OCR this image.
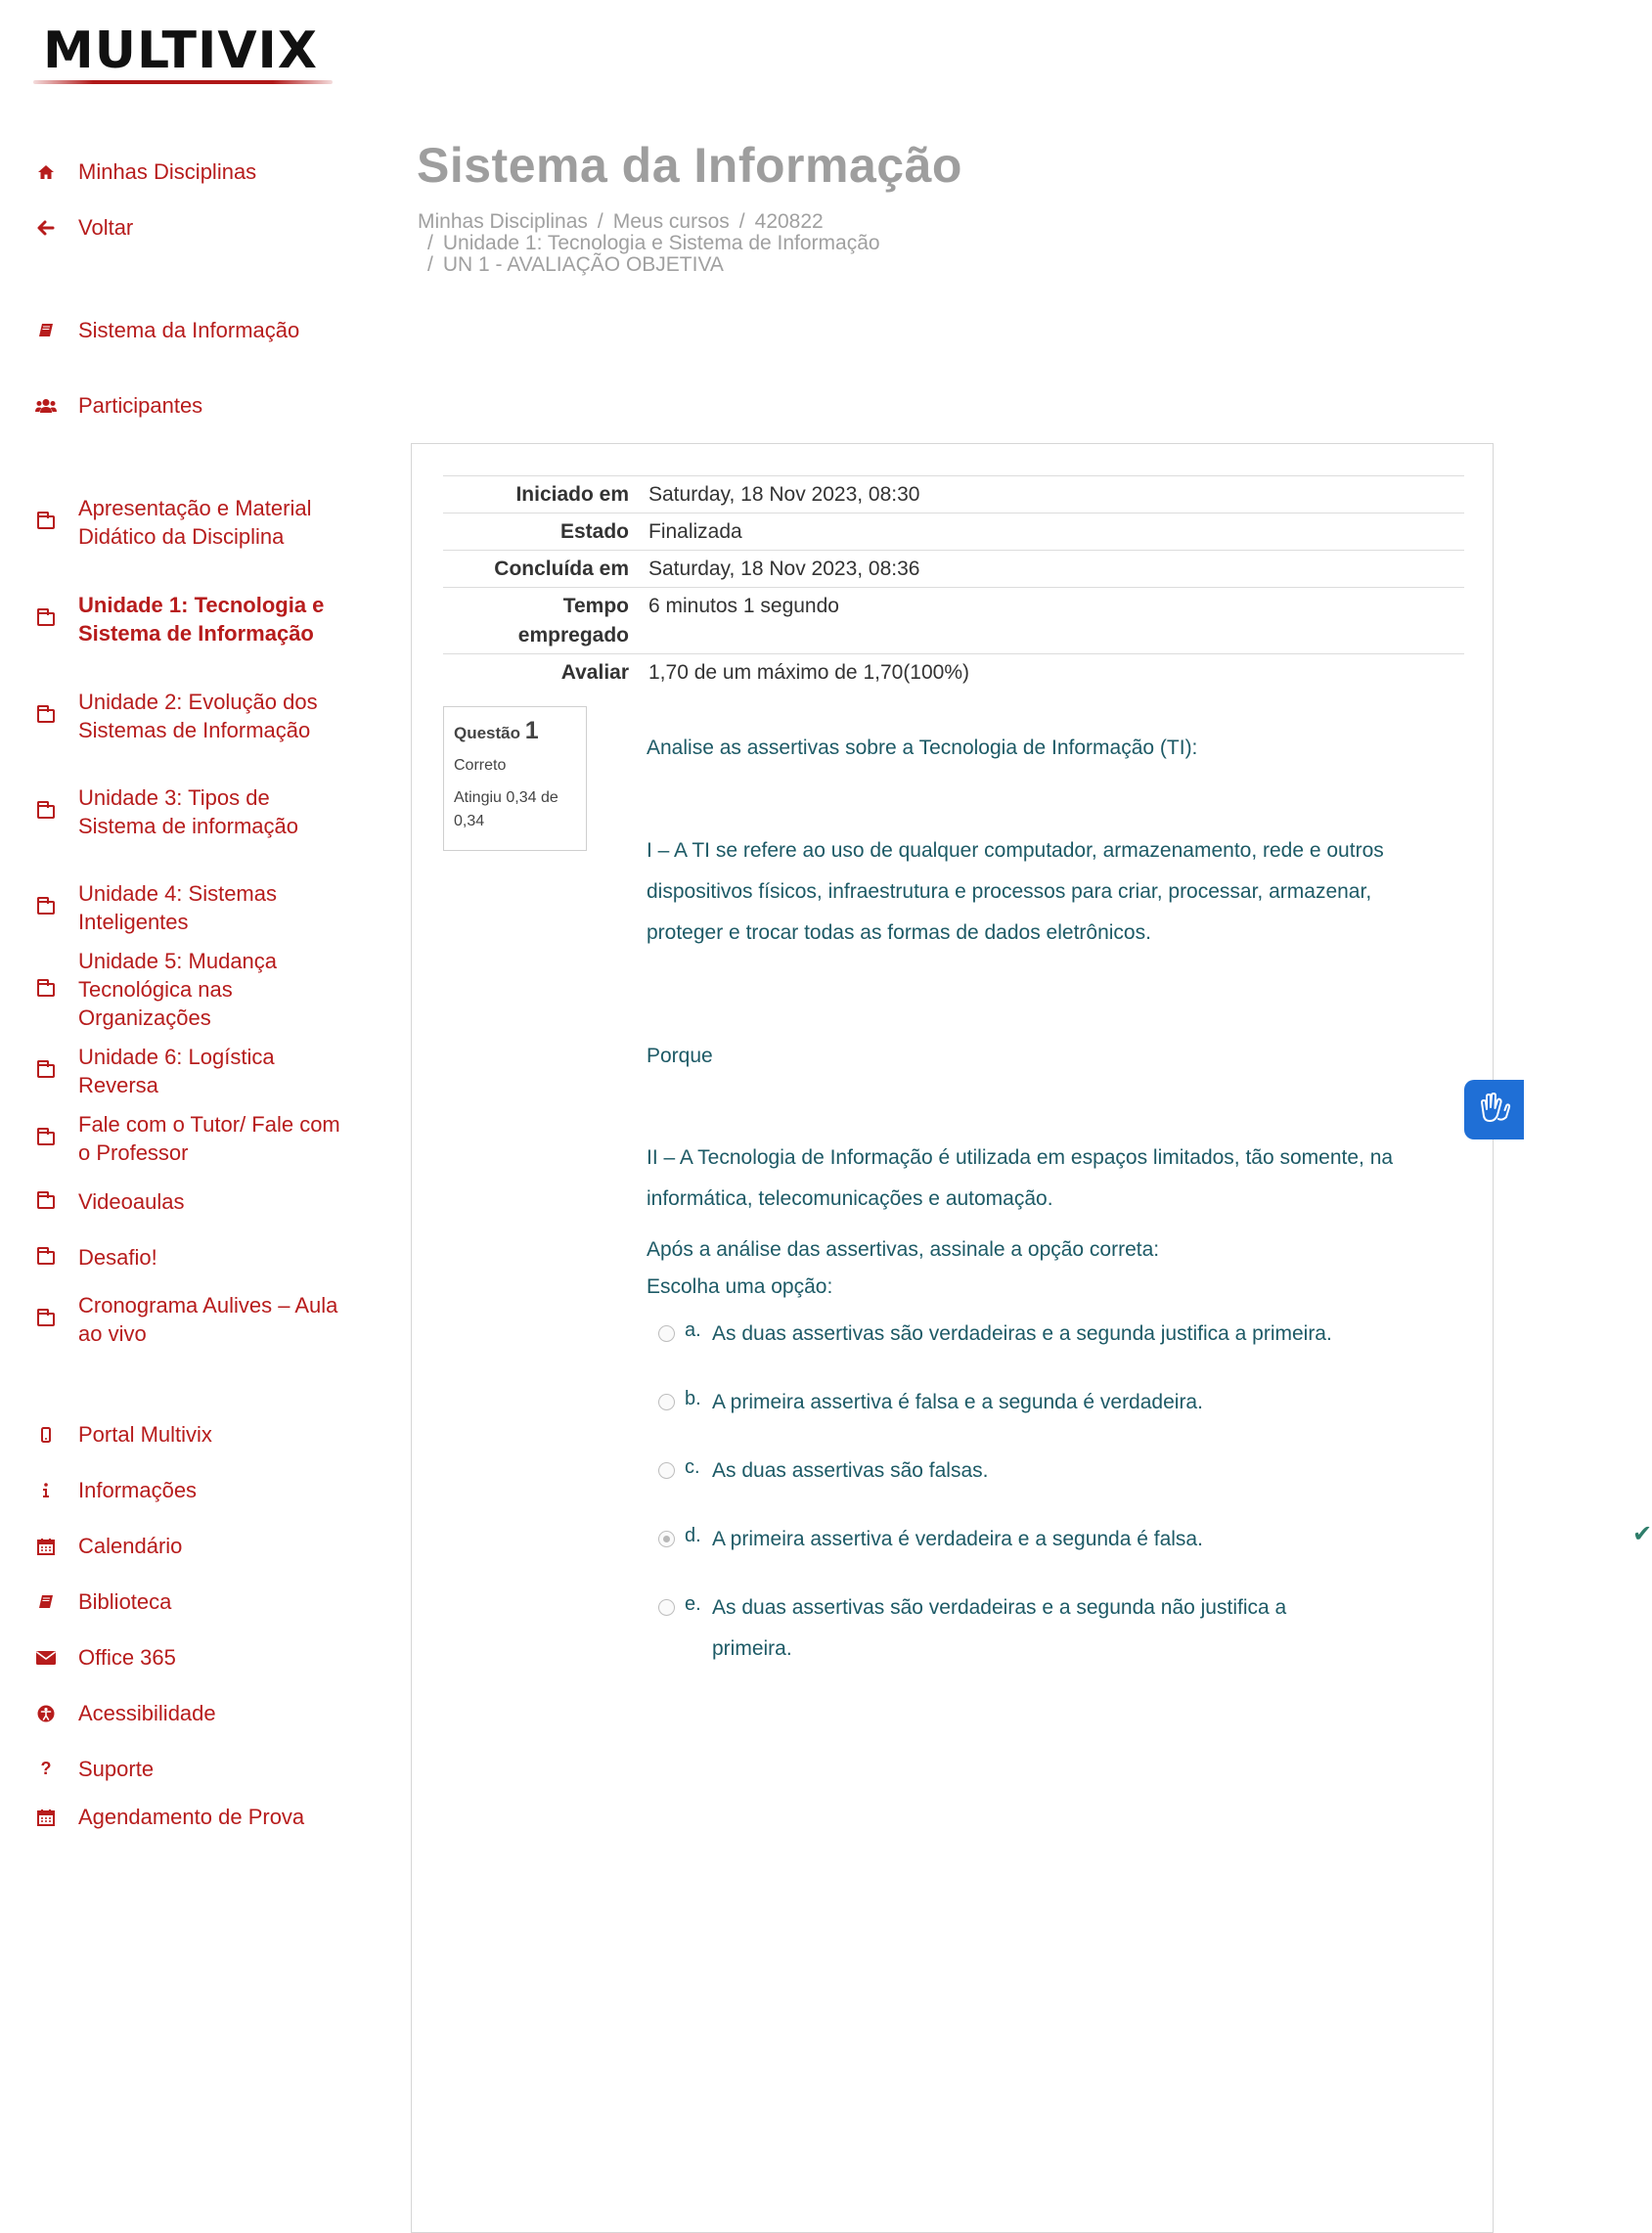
MULTIVIX
Minhas Disciplinas
Voltar
Sistema da Informação
Participantes
Apresentação e Material Didático da Disciplina
Unidade 1: Tecnologia e Sistema de Informação
Unidade 2: Evolução dos Sistemas de Informação
Unidade 3: Tipos de Sistema de informação
Unidade 4: Sistemas Inteligentes
Unidade 5: Mudança Tecnológica nas Organizações
Unidade 6: Logística Reversa
Fale com o Tutor/ Fale com o Professor
Videoaulas
Desafio!
Cronograma Aulives – Aula ao vivo
Portal Multivix
Informações
Calendário
Biblioteca
Office 365
Acessibilidade
? Suporte
Agendamento de Prova
Sistema da Informação
Minhas Disciplinas / Meus cursos / 420822
/ Unidade 1: Tecnologia e Sistema de Informação
/ UN 1 - AVALIAÇÃO OBJETIVA
Iniciado em	Saturday, 18 Nov 2023, 08:30
Estado	Finalizada
Concluída em	Saturday, 18 Nov 2023, 08:36
Tempo empregado	6 minutos 1 segundo
Avaliar	1,70 de um máximo de 1,70(100%)
Questão 1
Correto
Atingiu 0,34 de 0,34

Analise as assertivas sobre a Tecnologia de Informação (TI):

I – A TI se refere ao uso de qualquer computador, armazenamento, rede e outros dispositivos físicos, infraestrutura e processos para criar, processar, armazenar, proteger e trocar todas as formas de dados eletrônicos.

Porque

II – A Tecnologia de Informação é utilizada em espaços limitados, tão somente, na informática, telecomunicações e automação.

Após a análise das assertivas, assinale a opção correta:

Escolha uma opção:
a. As duas assertivas são verdadeiras e a segunda justifica a primeira.
b. A primeira assertiva é falsa e a segunda é verdadeira.
c. As duas assertivas são falsas.
d. A primeira assertiva é verdadeira e a segunda é falsa.	✔
e. As duas assertivas são verdadeiras e a segunda não justifica a primeira.
